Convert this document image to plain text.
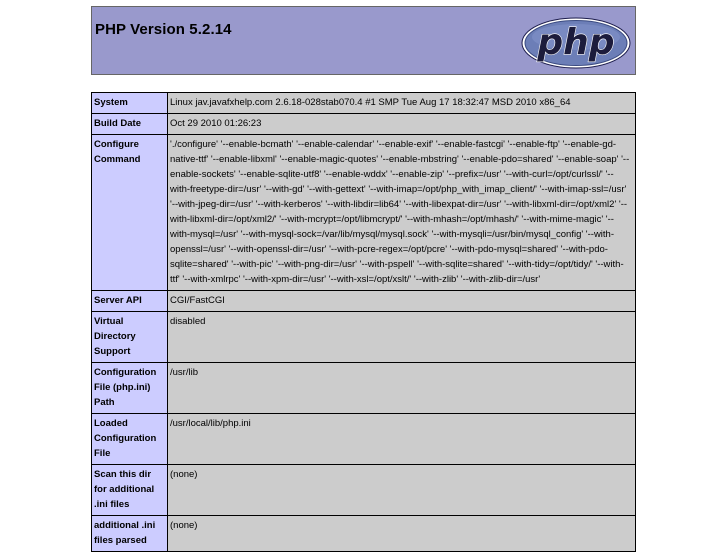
PHP Version 5.2.14	php
System	Linux jav.javafxhelp.com 2.6.18-028stab070.4 #1 SMP Tue Aug 17 18:32:47 MSD 2010 x86_64
Build Date	Oct 29 2010 01:26:23
Configure Command	'./configure' '--enable-bcmath' '--enable-calendar' '--enable-exif' '--enable-fastcgi' '--enable-ftp' '--enable-gd-native-ttf' '--enable-libxml' '--enable-magic-quotes' '--enable-mbstring' '--enable-pdo=shared' '--enable-soap' '--enable-sockets' '--enable-sqlite-utf8' '--enable-wddx' '--enable-zip' '--prefix=/usr' '--with-curl=/opt/curlssl/' '--with-freetype-dir=/usr' '--with-gd' '--with-gettext' '--with-imap=/opt/php_with_imap_client/' '--with-imap-ssl=/usr' '--with-jpeg-dir=/usr' '--with-kerberos' '--with-libdir=lib64' '--with-libexpat-dir=/usr' '--with-libxml-dir=/opt/xml2' '--with-libxml-dir=/opt/xml2/' '--with-mcrypt=/opt/libmcrypt/' '--with-mhash=/opt/mhash/' '--with-mime-magic' '--with-mysql=/usr' '--with-mysql-sock=/var/lib/mysql/mysql.sock' '--with-mysqli=/usr/bin/mysql_config' '--with-openssl=/usr' '--with-openssl-dir=/usr' '--with-pcre-regex=/opt/pcre' '--with-pdo-mysql=shared' '--with-pdo-sqlite=shared' '--with-pic' '--with-png-dir=/usr' '--with-pspell' '--with-sqlite=shared' '--with-tidy=/opt/tidy/' '--with-ttf' '--with-xmlrpc' '--with-xpm-dir=/usr' '--with-xsl=/opt/xslt/' '--with-zlib' '--with-zlib-dir=/usr'
Server API	CGI/FastCGI
Virtual Directory Support	disabled
Configuration File (php.ini) Path	/usr/lib
Loaded Configuration File	/usr/local/lib/php.ini
Scan this dir for additional .ini files	(none)
additional .ini files parsed	(none)
